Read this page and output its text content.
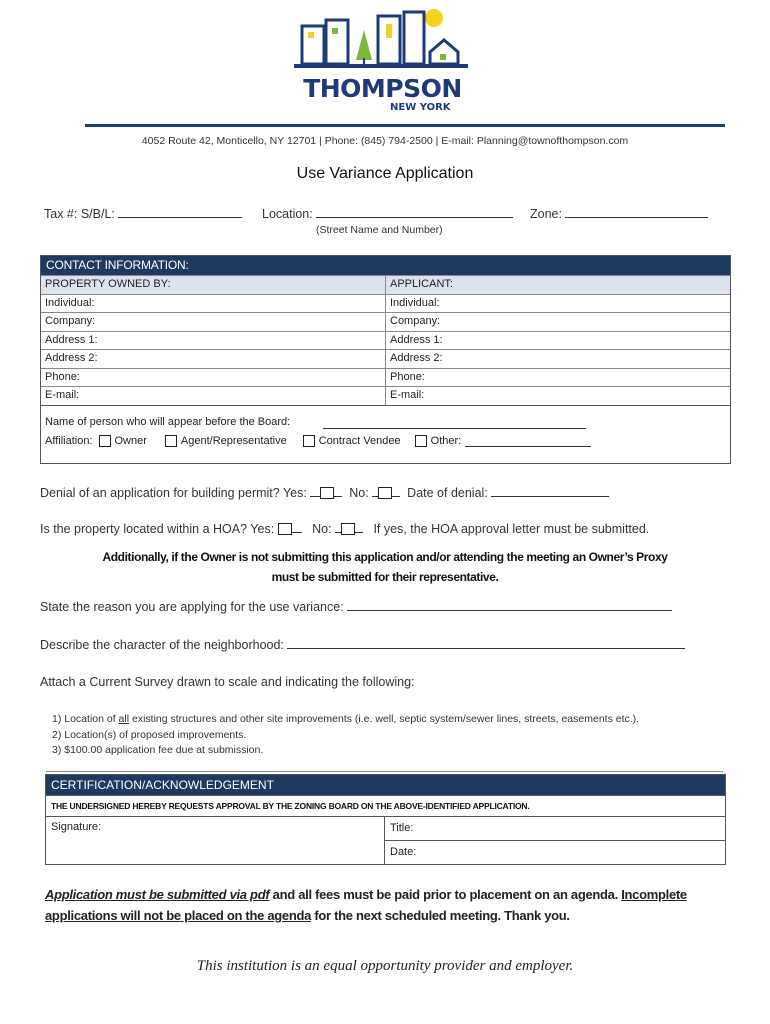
THOMPSON
NEW YORK
4052 Route 42, Monticello, NY 12701 | Phone: (845) 794-2500 | E-mail: Planning@townofthompson.com
Use Variance Application
Tax #: S/B/L:	Location:	Zone:
(Street Name and Number)
CONTACT INFORMATION:
PROPERTY OWNED BY:	APPLICANT:
Individual:	Individual:
Company:	Company:
Address 1:	Address 1:
Address 2:	Address 2:
Phone:	Phone:
E-mail:	E-mail:
Name of person who will appear before the Board:
Affiliation: Owner	Agent/Representative	Contract Vendee	Other:
Denial of an application for building permit? Yes:	No:	Date of denial:
Is the property located within a HOA? Yes:	No:	If yes, the HOA approval letter must be submitted.
Additionally, if the Owner is not submitting this application and/or attending the meeting an Owner’s Proxy
must be submitted for their representative.
State the reason you are applying for the use variance:
Describe the character of the neighborhood:
Attach a Current Survey drawn to scale and indicating the following:
1) Location of all existing structures and other site improvements (i.e. well, septic system/sewer lines, streets, easements etc.).
2) Location(s) of proposed improvements.
3) $100.00 application fee due at submission.
CERTIFICATION/ACKNOWLEDGEMENT
THE UNDERSIGNED HEREBY REQUESTS APPROVAL BY THE ZONING BOARD ON THE ABOVE-IDENTIFIED APPLICATION.
Signature:	Title:
Date:
Application must be submitted via pdf and all fees must be paid prior to placement on an agenda. Incomplete applications will not be placed on the agenda for the next scheduled meeting. Thank you.
This institution is an equal opportunity provider and employer.
